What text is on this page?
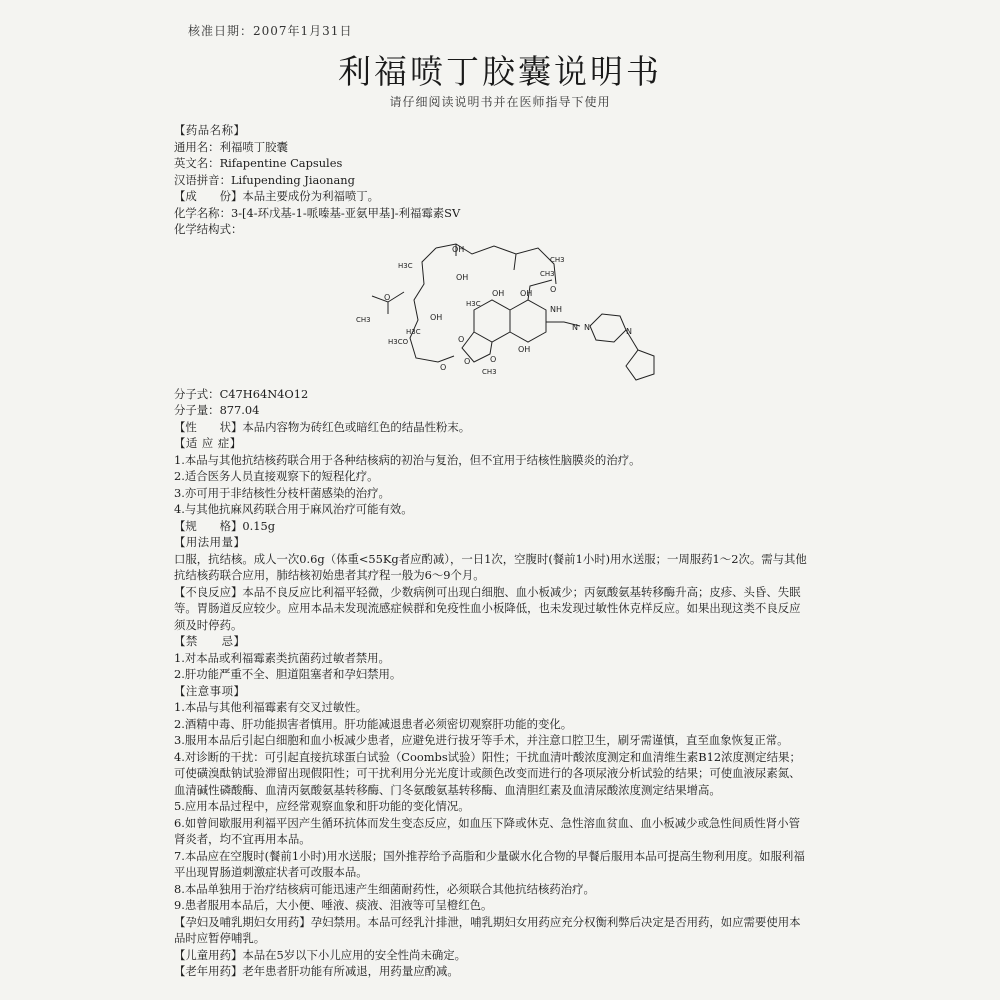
核准日期：2007年1月31日
利福喷丁胶囊说明书
请仔细阅读说明书并在医师指导下使用

【药品名称】

通用名：利福喷丁胶囊

英文名：Rifapentine Capsules

汉语拼音：Lifupending Jiaonang

【成　　份】本品主要成份为利福喷丁。

化学名称：3-[4-环戊基-1-哌嗪基-亚氨甲基]-利福霉素SV

化学结构式：

OH
CH3
H3C
OH
O
CH3
O	OH
H3C
OH
OH
NH
CH3
O
H3C	N N	N
O
OH
H3CO
O
O
CH3

分子式：C47H64N4O12

分子量：877.04

【性　　状】本品内容物为砖红色或暗红色的结晶性粉末。

【适 应 症】

1.本品与其他抗结核药联合用于各种结核病的初治与复治，但不宜用于结核性脑膜炎的治疗。

2.适合医务人员直接观察下的短程化疗。

3.亦可用于非结核性分枝杆菌感染的治疗。

4.与其他抗麻风药联合用于麻风治疗可能有效。

【规　　格】0.15g

【用法用量】

口服，抗结核。成人一次0.6g（体重<55Kg者应酌减），一日1次，空腹时(餐前1小时)用水送服；一周服药1～2次。需与其他抗结核药联合应用，肺结核初始患者其疗程一般为6～9个月。

【不良反应】本品不良反应比利福平轻微，少数病例可出现白细胞、血小板减少；丙氨酸氨基转移酶升高；皮疹、头昏、失眠等。胃肠道反应较少。应用本品未发现流感症候群和免疫性血小板降低，也未发现过敏性休克样反应。如果出现这类不良反应须及时停药。

【禁　　忌】

1.对本品或利福霉素类抗菌药过敏者禁用。

2.肝功能严重不全、胆道阻塞者和孕妇禁用。

【注意事项】

1.本品与其他利福霉素有交叉过敏性。

2.酒精中毒、肝功能损害者慎用。肝功能减退患者必须密切观察肝功能的变化。

3.服用本品后引起白细胞和血小板减少患者，应避免进行拔牙等手术，并注意口腔卫生，刷牙需谨慎，直至血象恢复正常。

4.对诊断的干扰：可引起直接抗球蛋白试验（Coombs试验）阳性；干扰血清叶酸浓度测定和血清维生素B12浓度测定结果；可使磺溴酞钠试验滞留出现假阳性；可干扰利用分光光度计或颜色改变而进行的各项尿液分析试验的结果；可使血液尿素氮、血清碱性磷酸酶、血清丙氨酸氨基转移酶、门冬氨酸氨基转移酶、血清胆红素及血清尿酸浓度测定结果增高。

5.应用本品过程中，应经常观察血象和肝功能的变化情况。

6.如曾间歇服用利福平因产生循环抗体而发生变态反应，如血压下降或休克、急性溶血贫血、血小板减少或急性间质性肾小管肾炎者，均不宜再用本品。

7.本品应在空腹时(餐前1小时)用水送服；国外推荐给予高脂和少量碳水化合物的早餐后服用本品可提高生物利用度。如服利福平出现胃肠道刺激症状者可改服本品。

8.本品单独用于治疗结核病可能迅速产生细菌耐药性，必须联合其他抗结核药治疗。

9.患者服用本品后，大小便、唾液、痰液、泪液等可呈橙红色。

【孕妇及哺乳期妇女用药】孕妇禁用。本品可经乳汁排泄，哺乳期妇女用药应充分权衡利弊后决定是否用药，如应需要使用本品时应暂停哺乳。

【儿童用药】本品在5岁以下小儿应用的安全性尚未确定。

【老年用药】老年患者肝功能有所减退，用药量应酌减。
